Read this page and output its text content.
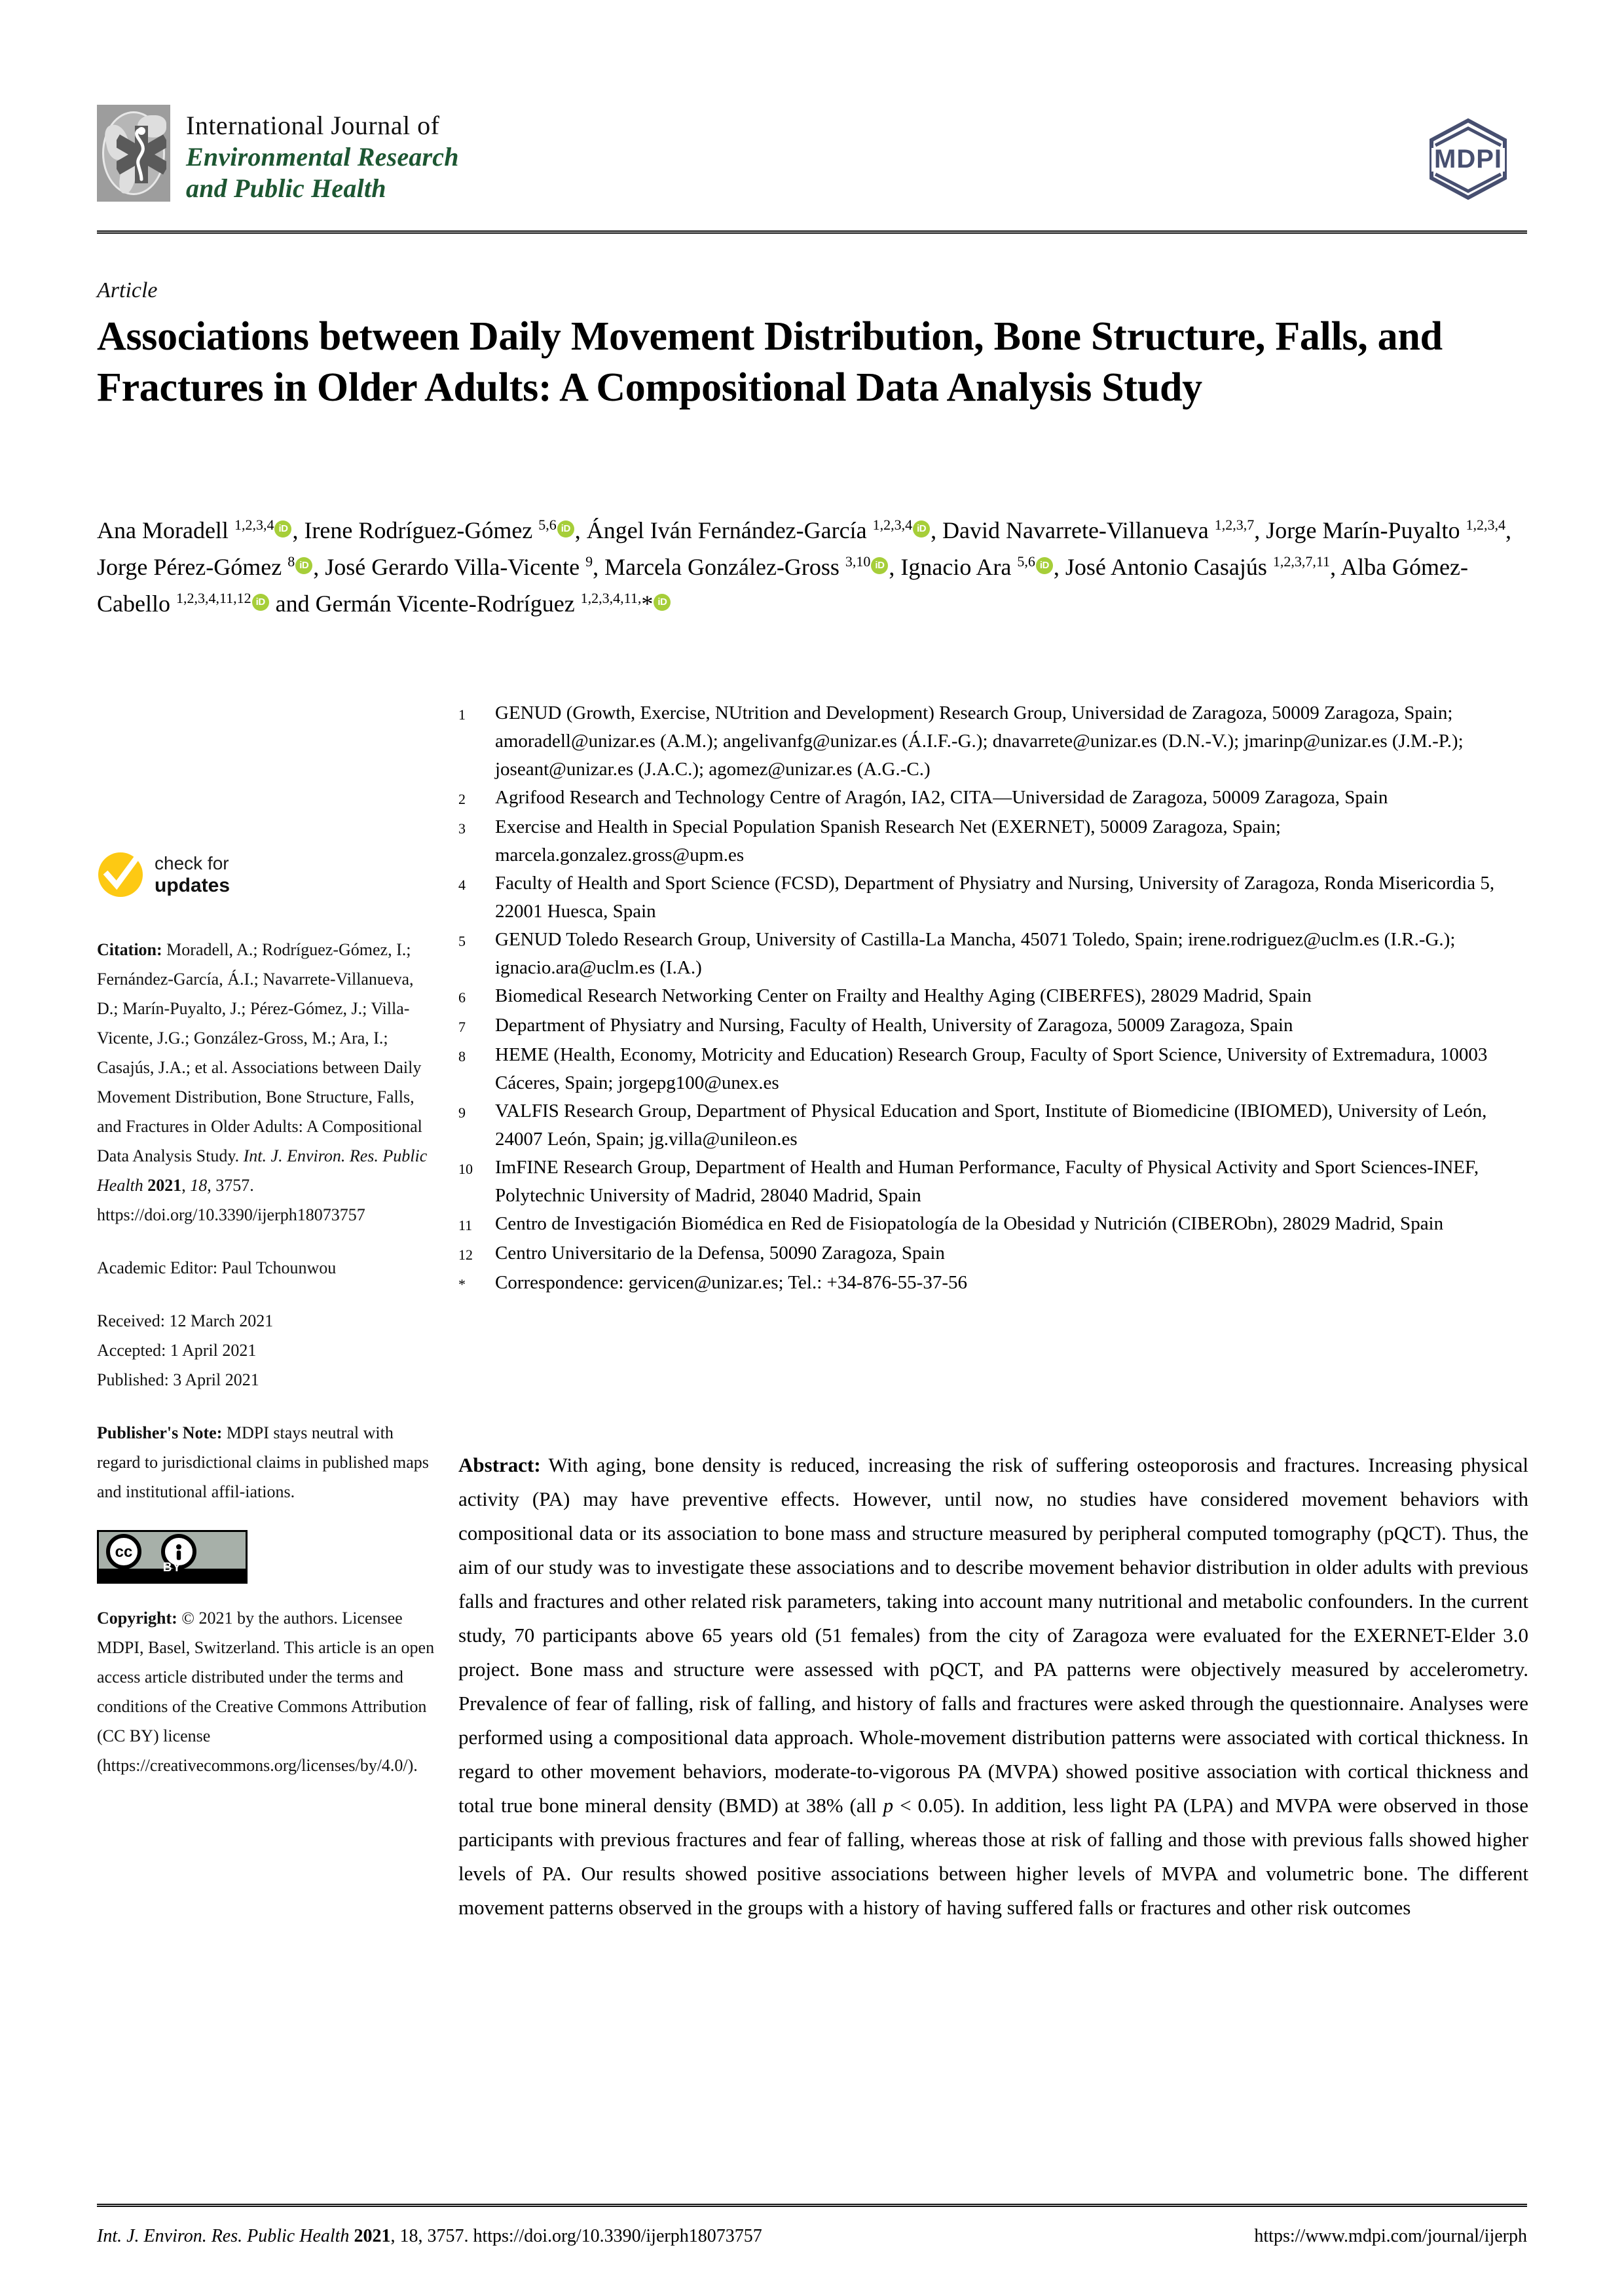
International Journal of
Environmental Research
and Public Health
MDPI
Article
Associations between Daily Movement Distribution, Bone Structure, Falls, and Fractures in Older Adults: A Compositional Data Analysis Study
Ana Moradell $^{1,2,3,4}$ iD , Irene Rodríguez-Gómez $^{5,6}$ iD , Ángel Iván Fernández-García $^{1,2,3,4}$ iD , David Navarrete-Villanueva $^{1,2,3,7}$, Jorge Marín-Puyalto $^{1,2,3,4}$, Jorge Pérez-Gómez $^8$ iD , José Gerardo Villa-Vicente $^9$, Marcela González-Gross $^{3,10}$ iD , Ignacio Ara $^{5,6}$ iD , José Antonio Casajús $^{1,2,3,7,11}$, Alba Gómez-Cabello $^{1,2,3,4,11,12}$ iD and Germán Vicente-Rodríguez $^{1,2,3,4,11,}$* iD
check for
updates
Citation: Moradell, A.; Rodríguez-Gómez, I.; Fernández-García, Á.I.; Navarrete-Villanueva, D.; Marín-Puyalto, J.; Pérez-Gómez, J.; Villa-Vicente, J.G.; González-Gross, M.; Ara, I.; Casajús, J.A.; et al. Associations between Daily Movement Distribution, Bone Structure, Falls, and Fractures in Older Adults: A Compositional Data Analysis Study. Int. J. Environ. Res. Public Health 2021, 18, 3757. https://doi.org/10.3390/ijerph18073757
Academic Editor: Paul Tchounwou
Received: 12 March 2021
Accepted: 1 April 2021
Published: 3 April 2021
Publisher's Note: MDPI stays neutral with regard to jurisdictional claims in published maps and institutional affil-iations.
cc
BY
Copyright: © 2021 by the authors. Licensee MDPI, Basel, Switzerland. This article is an open access article distributed under the terms and conditions of the Creative Commons Attribution (CC BY) license (https://creativecommons.org/licenses/by/4.0/).
1	GENUD (Growth, Exercise, NUtrition and Development) Research Group, Universidad de Zaragoza, 50009 Zaragoza, Spain; amoradell@unizar.es (A.M.); angelivanfg@unizar.es (Á.I.F.-G.); dnavarrete@unizar.es (D.N.-V.); jmarinp@unizar.es (J.M.-P.); joseant@unizar.es (J.A.C.); agomez@unizar.es (A.G.-C.)
2	Agrifood Research and Technology Centre of Aragón, IA2, CITA—Universidad de Zaragoza, 50009 Zaragoza, Spain
3	Exercise and Health in Special Population Spanish Research Net (EXERNET), 50009 Zaragoza, Spain; marcela.gonzalez.gross@upm.es
4	Faculty of Health and Sport Science (FCSD), Department of Physiatry and Nursing, University of Zaragoza, Ronda Misericordia 5, 22001 Huesca, Spain
5	GENUD Toledo Research Group, University of Castilla-La Mancha, 45071 Toledo, Spain; irene.rodriguez@uclm.es (I.R.-G.); ignacio.ara@uclm.es (I.A.)
6	Biomedical Research Networking Center on Frailty and Healthy Aging (CIBERFES), 28029 Madrid, Spain
7	Department of Physiatry and Nursing, Faculty of Health, University of Zaragoza, 50009 Zaragoza, Spain
8	HEME (Health, Economy, Motricity and Education) Research Group, Faculty of Sport Science, University of Extremadura, 10003 Cáceres, Spain; jorgepg100@unex.es
9	VALFIS Research Group, Department of Physical Education and Sport, Institute of Biomedicine (IBIOMED), University of León, 24007 León, Spain; jg.villa@unileon.es
10	ImFINE Research Group, Department of Health and Human Performance, Faculty of Physical Activity and Sport Sciences-INEF, Polytechnic University of Madrid, 28040 Madrid, Spain
11	Centro de Investigación Biomédica en Red de Fisiopatología de la Obesidad y Nutrición (CIBERObn), 28029 Madrid, Spain
12	Centro Universitario de la Defensa, 50090 Zaragoza, Spain
*	Correspondence: gervicen@unizar.es; Tel.: +34-876-55-37-56
Abstract: With aging, bone density is reduced, increasing the risk of suffering osteoporosis and fractures. Increasing physical activity (PA) may have preventive effects. However, until now, no studies have considered movement behaviors with compositional data or its association to bone mass and structure measured by peripheral computed tomography (pQCT). Thus, the aim of our study was to investigate these associations and to describe movement behavior distribution in older adults with previous falls and fractures and other related risk parameters, taking into account many nutritional and metabolic confounders. In the current study, 70 participants above 65 years old (51 females) from the city of Zaragoza were evaluated for the EXERNET-Elder 3.0 project. Bone mass and structure were assessed with pQCT, and PA patterns were objectively measured by accelerometry. Prevalence of fear of falling, risk of falling, and history of falls and fractures were asked through the questionnaire. Analyses were performed using a compositional data approach. Whole-movement distribution patterns were associated with cortical thickness. In regard to other movement behaviors, moderate-to-vigorous PA (MVPA) showed positive association with cortical thickness and total true bone mineral density (BMD) at 38% (all p < 0.05). In addition, less light PA (LPA) and MVPA were observed in those participants with previous fractures and fear of falling, whereas those at risk of falling and those with previous falls showed higher levels of PA. Our results showed positive associations between higher levels of MVPA and volumetric bone. The different movement patterns observed in the groups with a history of having suffered falls or fractures and other risk outcomes
Int. J. Environ. Res. Public Health 2021, 18, 3757. https://doi.org/10.3390/ijerph18073757	https://www.mdpi.com/journal/ijerph
